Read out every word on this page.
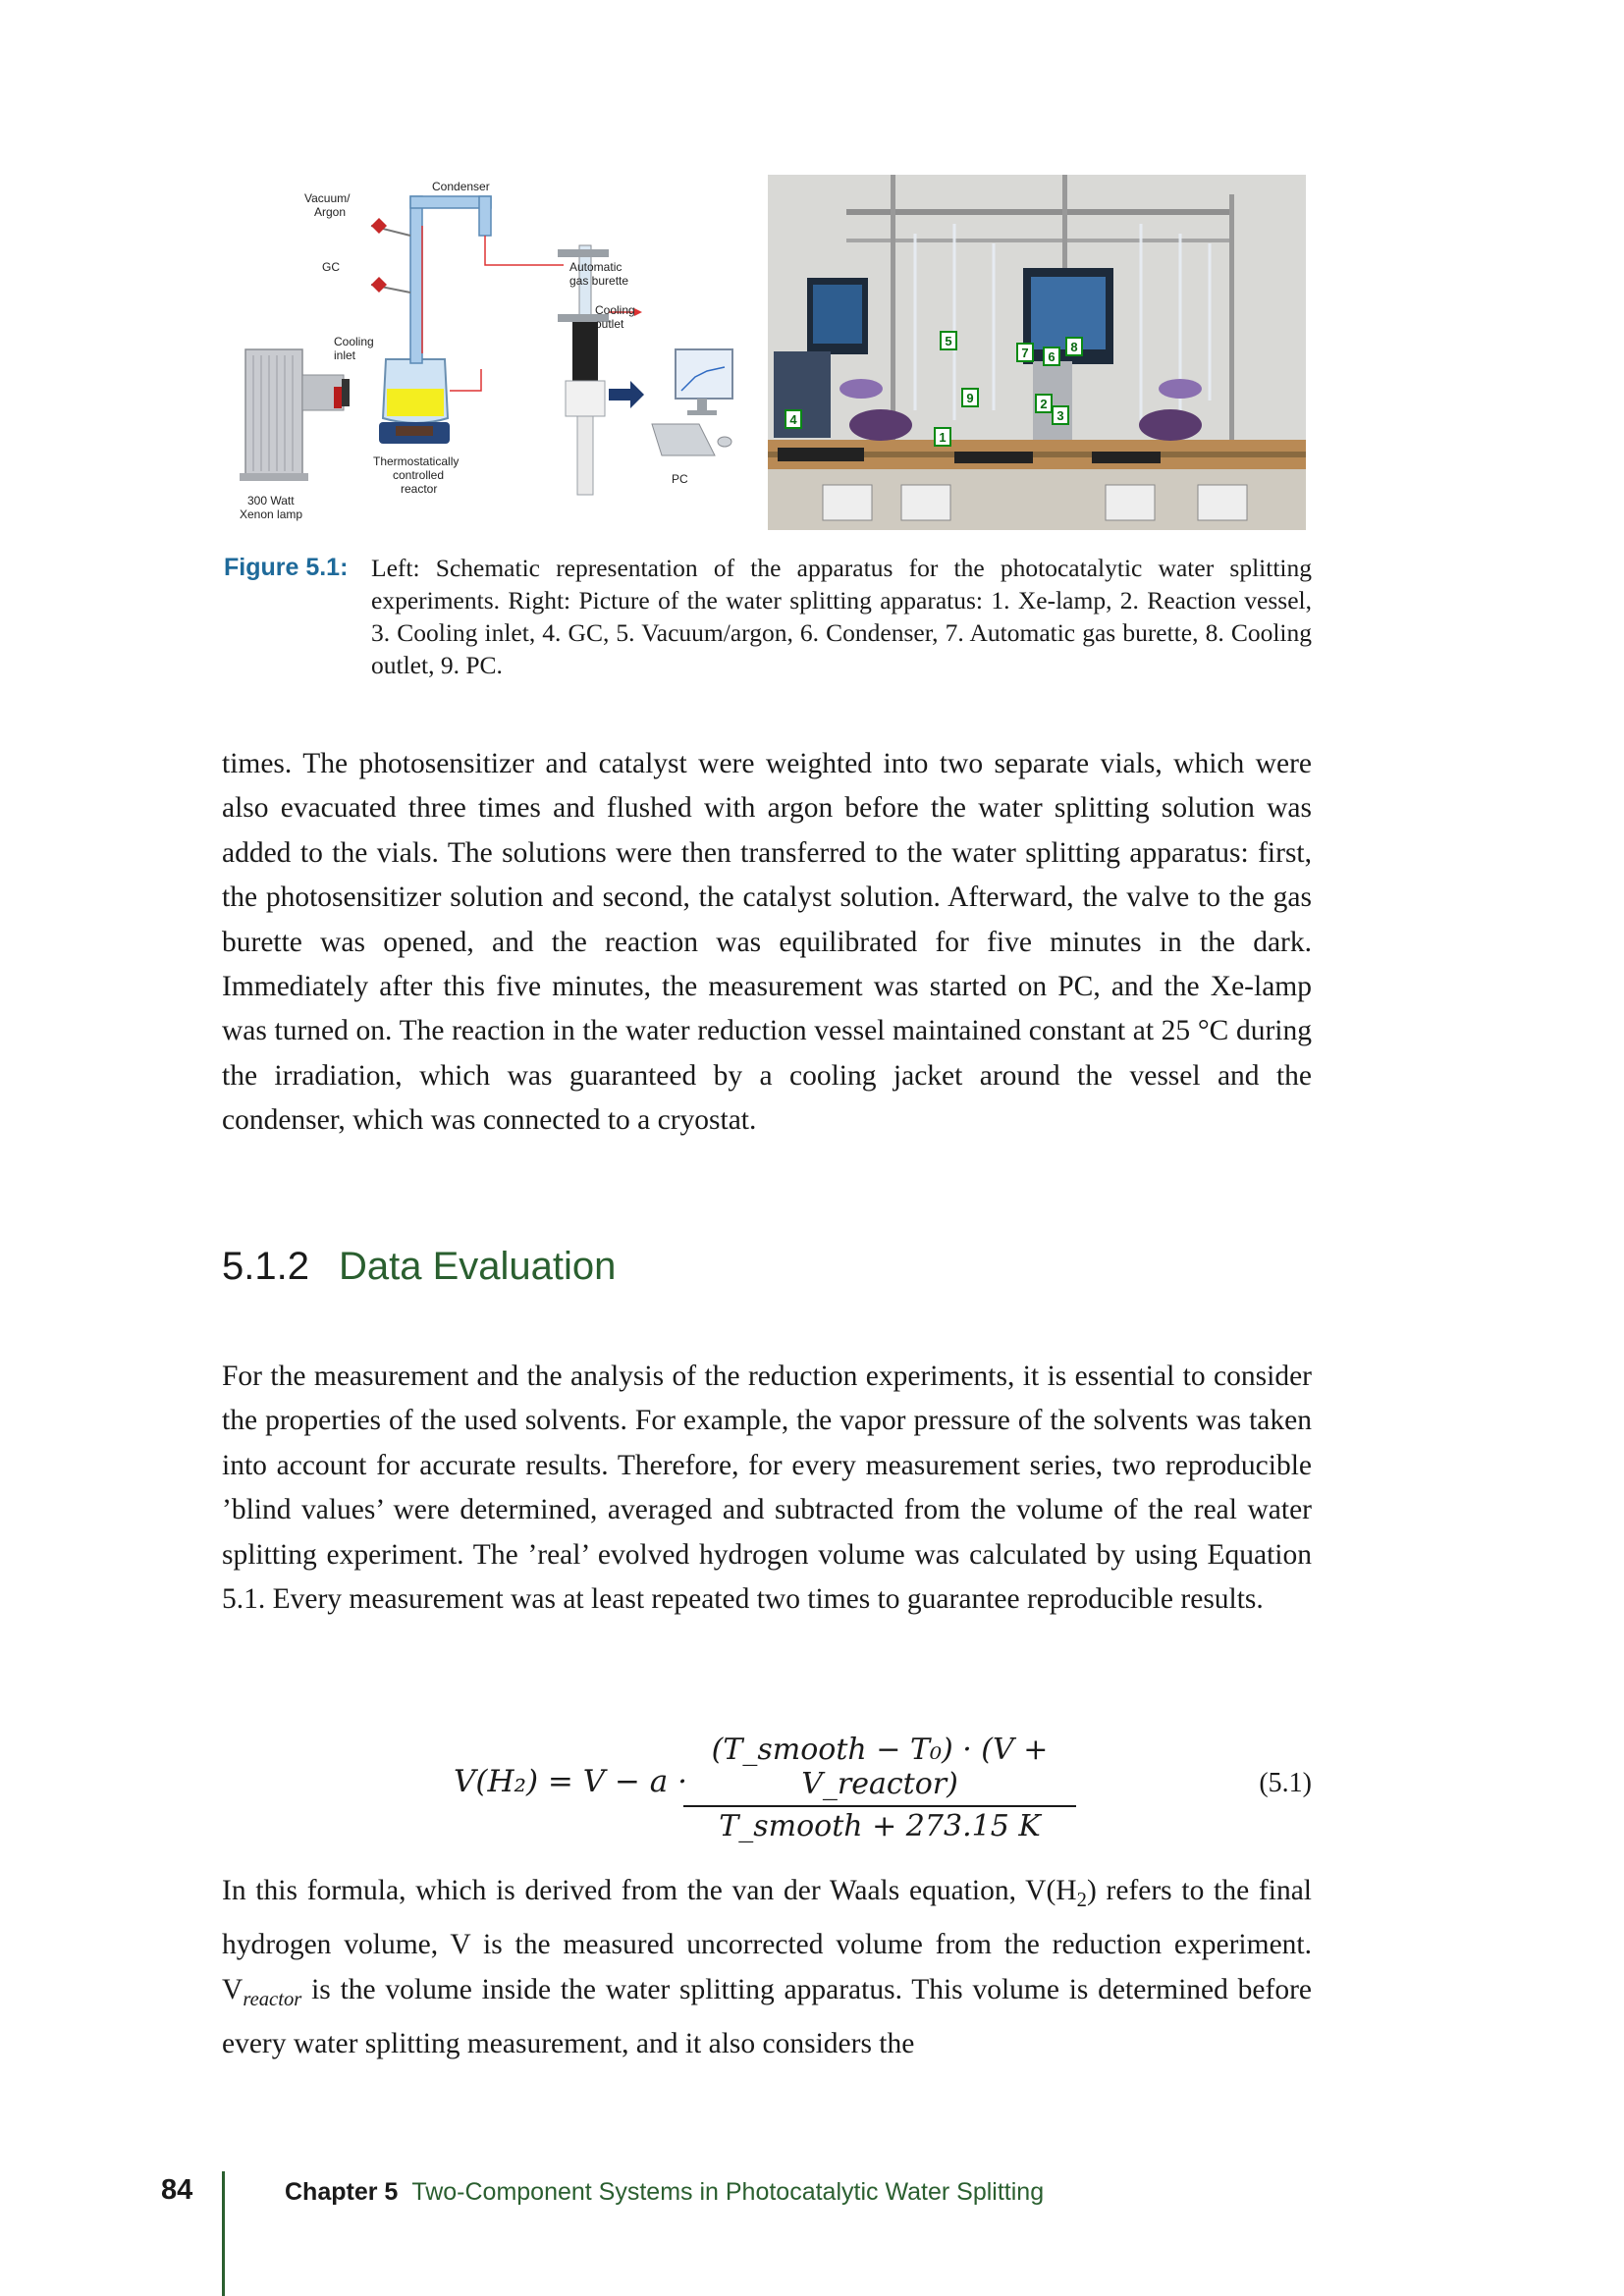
Condenser
Vacuum/
Argon
GC	Automatic
gas burette
Cooling
outlet
Cooling
inlet
Thermostatically
controlled
reactor
300 Watt
Xenon lamp
PC
1
2
3
4
5
6
7	8
9
Figure 5.1: Left: Schematic representation of the apparatus for the photocatalytic water splitting experiments. Right: Picture of the water splitting apparatus: 1. Xe-lamp, 2. Reaction vessel, 3. Cooling inlet, 4. GC, 5. Vacuum/argon, 6. Condenser, 7. Automatic gas burette, 8. Cooling outlet, 9. PC.
times. The photosensitizer and catalyst were weighted into two separate vials, which were also evacuated three times and flushed with argon before the water splitting solution was added to the vials. The solutions were then transferred to the water splitting apparatus: first, the photosensitizer solution and second, the catalyst solution. Afterward, the valve to the gas burette was opened, and the reaction was equilibrated for five minutes in the dark. Immediately after this five minutes, the measurement was started on PC, and the Xe-lamp was turned on. The reaction in the water reduction vessel maintained constant at 25 °C during the irradiation, which was guaranteed by a cooling jacket around the vessel and the condenser, which was connected to a cryostat.
5.1.2 Data Evaluation
For the measurement and the analysis of the reduction experiments, it is essential to consider the properties of the used solvents. For example, the vapor pressure of the solvents was taken into account for accurate results. Therefore, for every measurement series, two reproducible ’blind values’ were determined, averaged and subtracted from the volume of the real water splitting experiment. The ’real’ evolved hydrogen volume was calculated by using Equation 5.1. Every measurement was at least repeated two times to guarantee reproducible results.
V(H₂) = V − a ·
(T_smooth − T₀) · (V + V_reactor)
T_smooth + 273.15 K
(5.1)
In this formula, which is derived from the van der Waals equation, $V(H_2)$ refers to the final hydrogen volume, V is the measured uncorrected volume from the reduction experiment. $V_{reactor}$ is the volume inside the water splitting apparatus. This volume is determined before every water splitting measurement, and it also considers the
84	Chapter 5 Two-Component Systems in Photocatalytic Water Splitting
